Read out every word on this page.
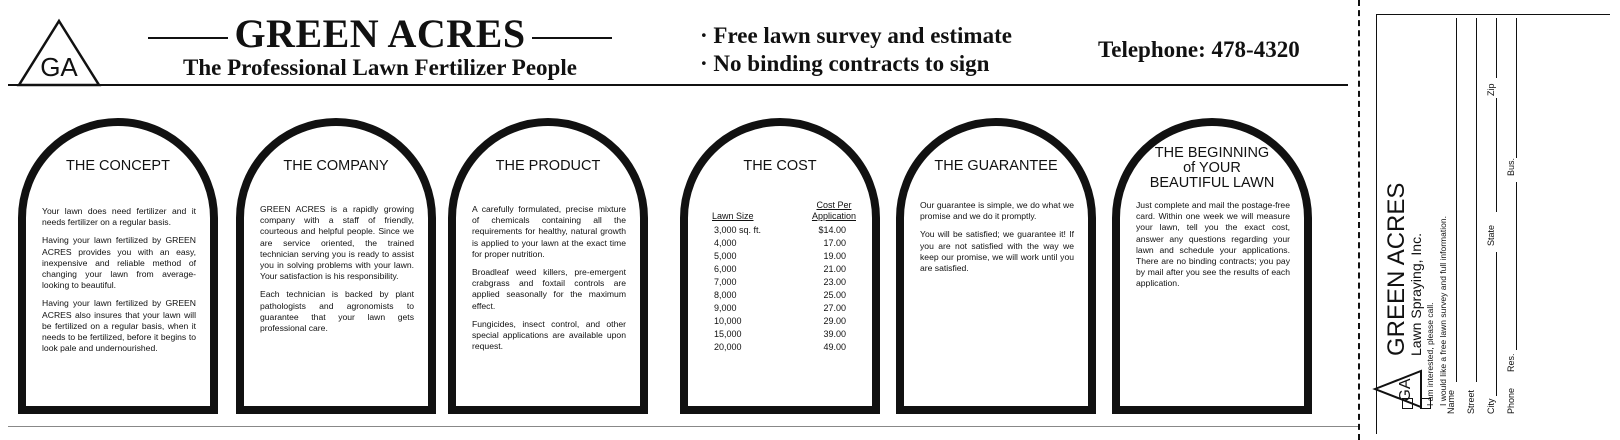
GA
GREEN ACRES
The Professional Lawn Fertilizer People
· Free lawn survey and estimate
· No binding contracts to sign
Telephone: 478-4320
THE CONCEPT

Your lawn does need fertilizer and it needs fertilizer on a regular basis.

Having your lawn fertilized by GREEN ACRES provides you with an easy, inexpensive and reliable method of changing your lawn from average-looking to beautiful.

Having your lawn fertilized by GREEN ACRES also insures that your lawn will be fertilized on a regular basis, when it needs to be fertilized, before it begins to look pale and undernourished.

THE COMPANY

GREEN ACRES is a rapidly growing company with a staff of friendly, courteous and helpful people. Since we are service oriented, the trained technician serving you is ready to assist you in solving problems with your lawn. Your satisfaction is his responsibility.

Each technician is backed by plant pathologists and agronomists to guarantee that your lawn gets professional care.

THE PRODUCT

A carefully formulated, precise mixture of chemicals containing all the requirements for healthy, natural growth is applied to your lawn at the exact time for proper nutrition.

Broadleaf weed killers, pre-emergent crabgrass and foxtail controls are applied seasonally for the maximum effect.

Fungicides, insect control, and other special applications are available upon request.

THE COST
Lawn Size
Cost Per
Application
3,000 sq. ft.	$14.00
4,000	17.00
5,000	19.00
6,000	21.00
7,000	23.00
8,000	25.00
9,000	27.00
10,000	29.00
15,000	39.00
20,000	49.00
THE GUARANTEE

Our guarantee is simple, we do what we promise and we do it promptly.

You will be satisfied; we guarantee it! If you are not satisfied with the way we keep our promise, we will work until you are satisfied.

THE BEGINNING
of YOUR
BEAUTIFUL LAWN

Just complete and mail the postage-free card. Within one week we will measure your lawn, tell you the exact cost, answer any questions regarding your lawn and schedule your applications. There are no binding contracts; you pay by mail after you see the results of each application.

GA
GREEN ACRES
Lawn Spraying, Inc. I am interested, please call. I would like a free lawn survey and full information.
Name Street City
State
Zip
Phone
Res.
Bus.
